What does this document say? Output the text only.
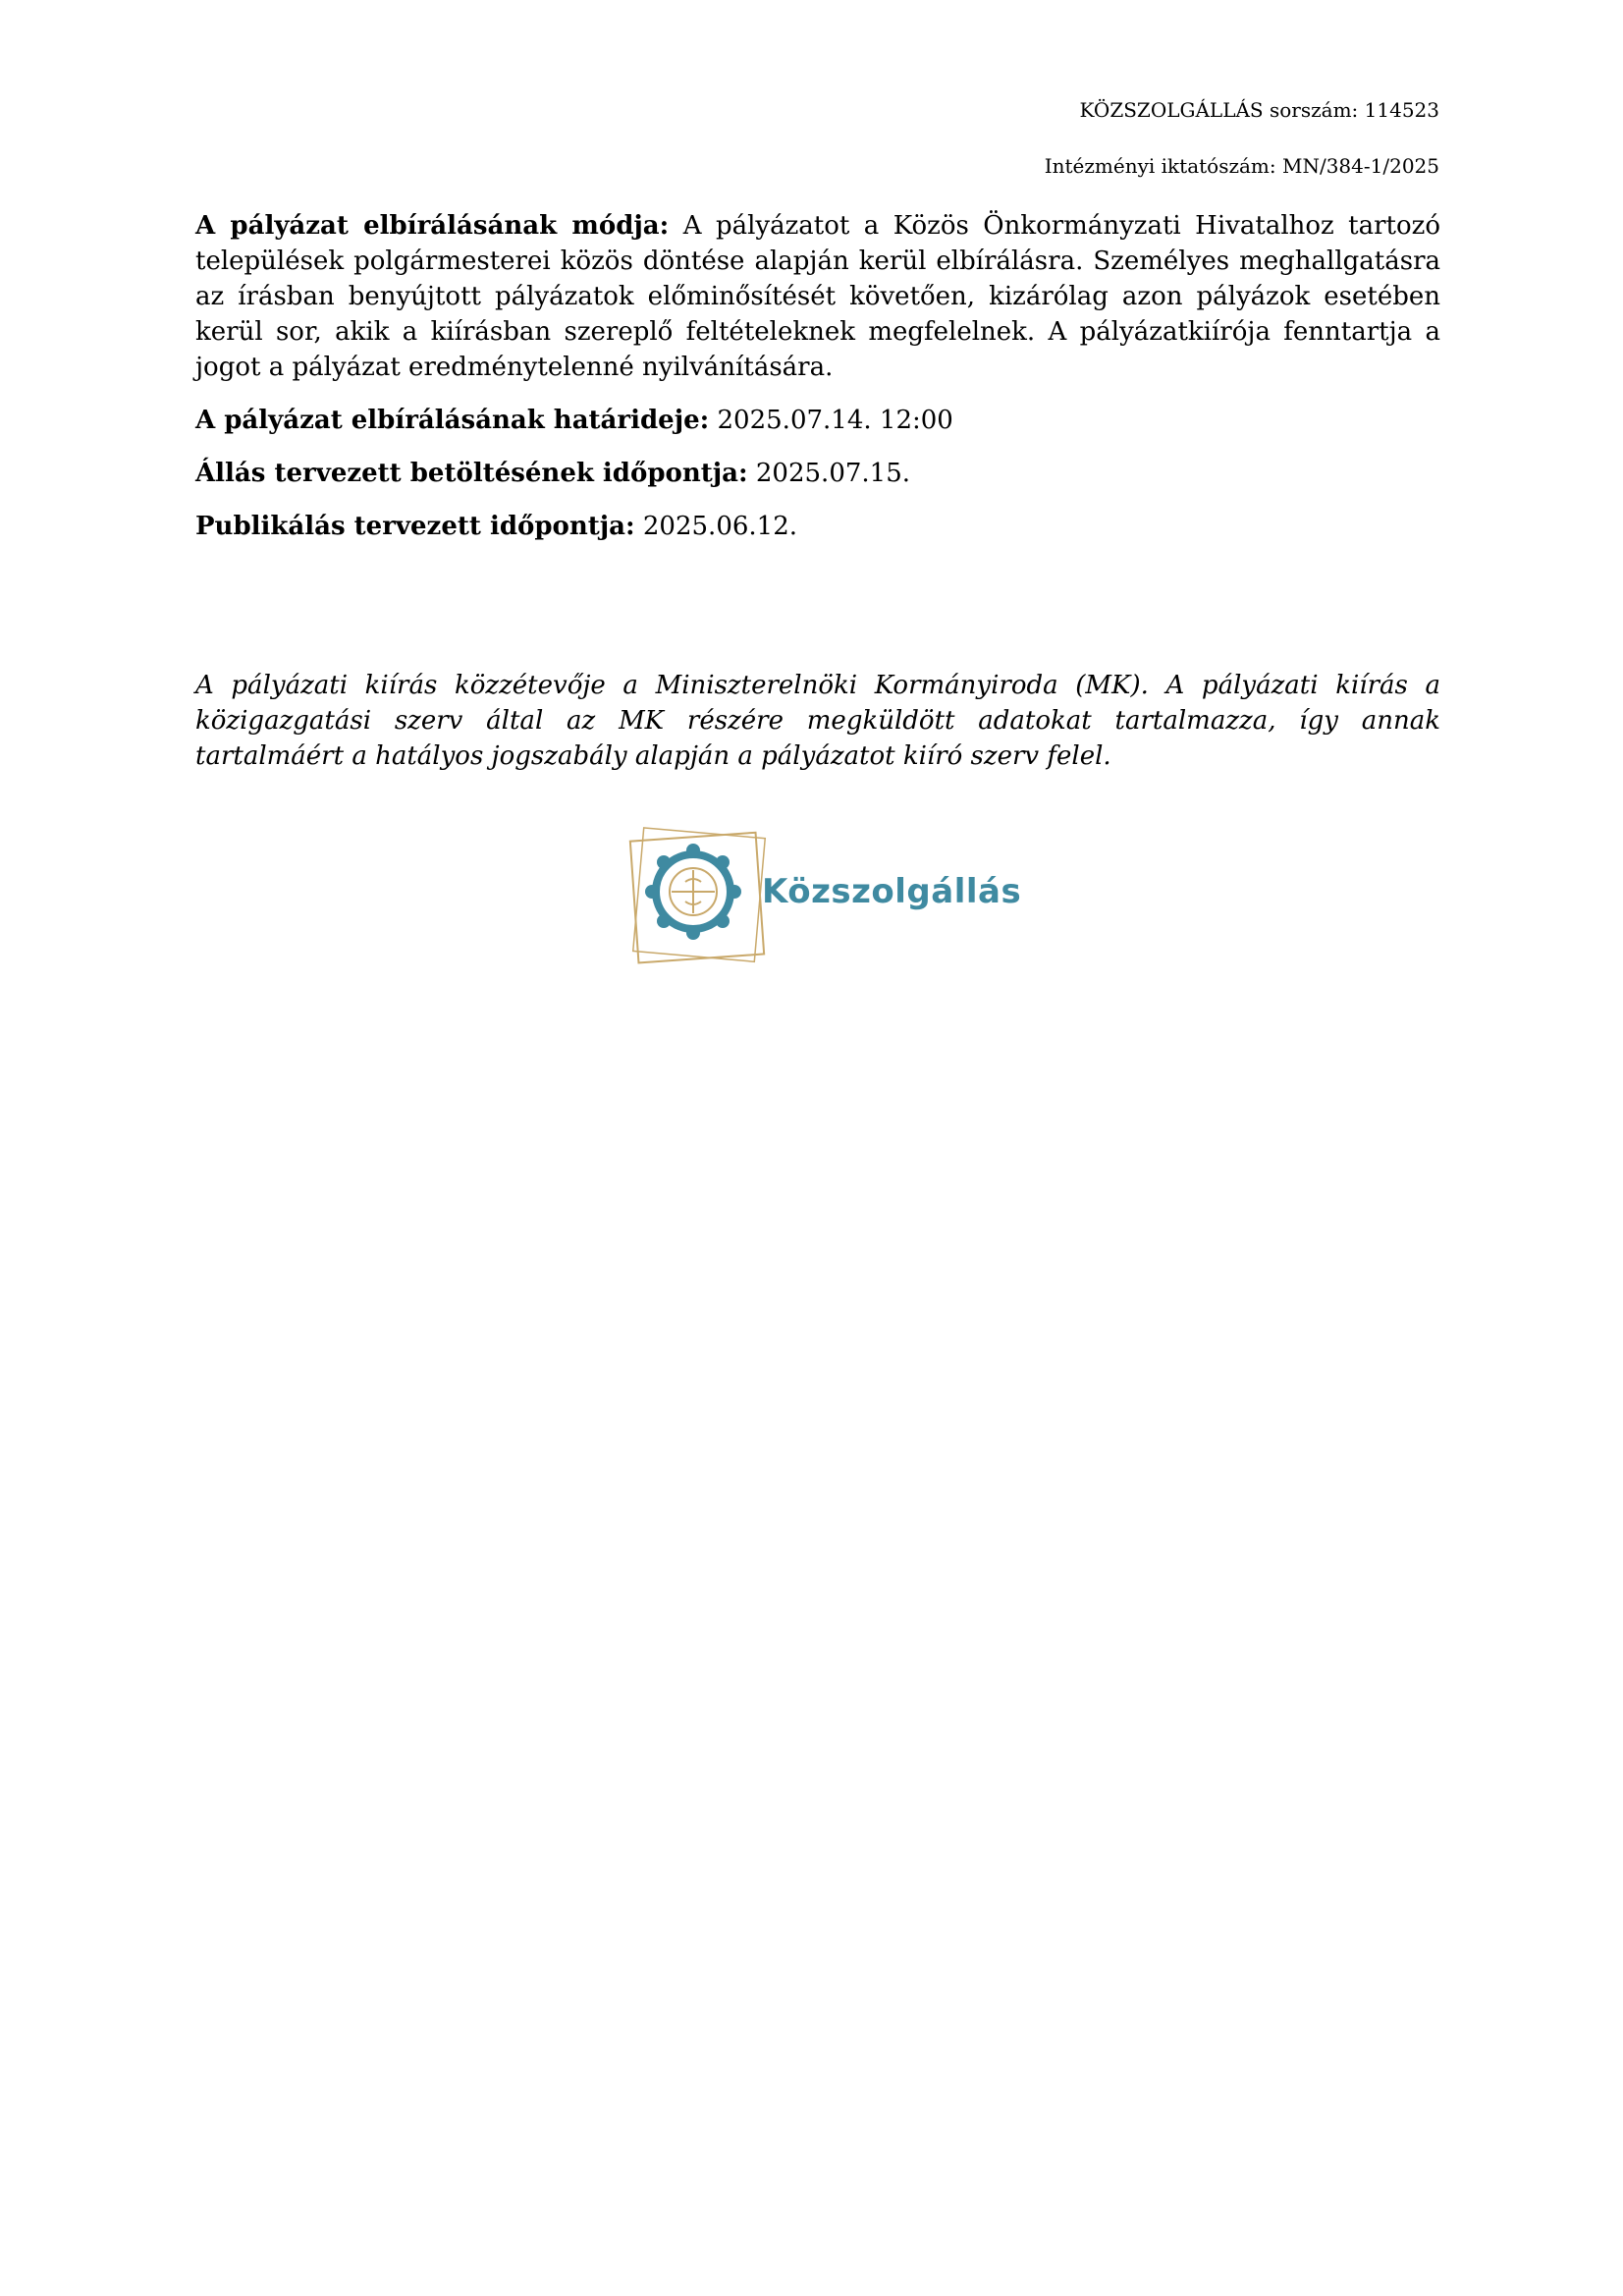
KÖZSZOLGÁLLÁS sorszám: 114523
Intézményi iktatószám: MN/384-1/2025

A pályázat elbírálásának módja: A pályázatot a Közös Önkormányzati Hivatalhoz tartozó települések polgármesterei közös döntése alapján kerül elbírálásra. Személyes meghallgatásra az írásban benyújtott pályázatok előminősítését követően, kizárólag azon pályázok esetében kerül sor, akik a kiírásban szereplő feltételeknek megfelelnek. A pályázatkiírója fenntartja a jogot a pályázat eredménytelenné nyilvánítására.

A pályázat elbírálásának határideje: 2025.07.14. 12:00

Állás tervezett betöltésének időpontja: 2025.07.15.

Publikálás tervezett időpontja: 2025.06.12.

A pályázati kiírás közzétevője a Miniszterelnöki Kormányiroda (MK). A pályázati kiírás a közigazgatási szerv által az MK részére megküldött adatokat tartalmazza, így annak tartalmáért a hatályos jogszabály alapján a pályázatot kiíró szerv felel.

Közszolgállás
